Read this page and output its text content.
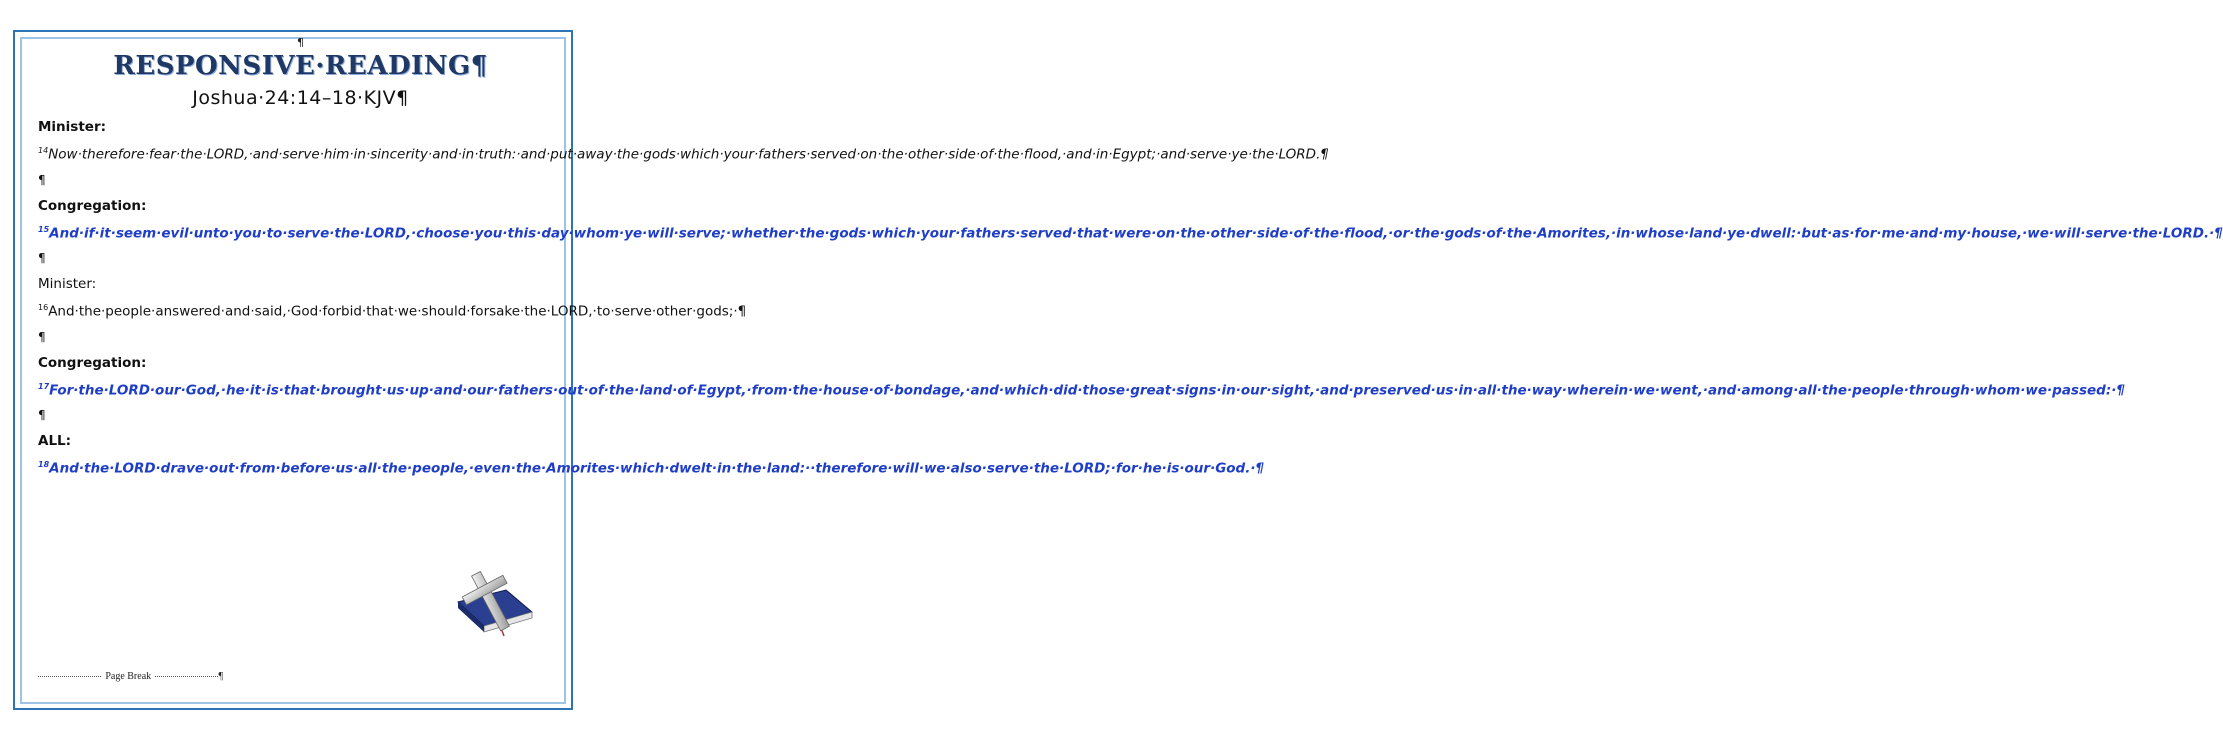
¶
RESPONSIVE·READING¶
Joshua·24:14–18·KJV¶
Minister: $^{14}$Now·therefore·fear·the·LORD,·and·serve·him·in·sincerity·and·in·truth:·and·put·away·the·gods·which·your·fathers·served·on·the·other·side·of·the·flood,·and·in·Egypt;·and·serve·ye·the·LORD.¶
¶
Congregation: $^{15}$And·if·it·seem·evil·unto·you·to·serve·the·LORD,·choose·you·this·day·whom·ye·will·serve;·whether·the·gods·which·your·fathers·served·that·were·on·the·other·side·of·the·flood,·or·the·gods·of·the·Amorites,·in·whose·land·ye·dwell:·but·as·for·me·and·my·house,·we·will·serve·the·LORD.·¶
¶
Minister: $^{16}$And·the·people·answered·and·said,·God·forbid·that·we·should·forsake·the·LORD,·to·serve·other·gods;·¶
¶
Congregation: $^{17}$For·the·LORD·our·God,·he·it·is·that·brought·us·up·and·our·fathers·out·of·the·land·of·Egypt,·from·the·house·of·bondage,·and·which·did·those·great·signs·in·our·sight,·and·preserved·us·in·all·the·way·wherein·we·went,·and·among·all·the·people·through·whom·we·passed:·¶
¶
ALL: $^{18}$And·the·LORD·drave·out·from·before·us·all·the·people,·even·the·Amorites·which·dwelt·in·the·land:··therefore·will·we·also·serve·the·LORD;·for·he·is·our·God.·¶
Page Break	¶
